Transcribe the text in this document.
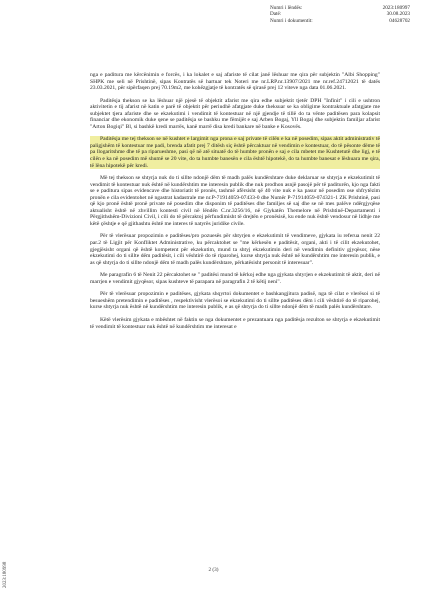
Numri i lëndës:	2023:180997
Datë:	30.08.2023
Numri i dokumentit:	04628702

nga e paditura me kërcënimin e forcës, i ka lokalet e saj afariste të cilat janë lëshuar me qira për subjektin "Albi Shopping" SHPK me seli në Prishtinë, sipas Kontratës së hartuar tek Noteri me nr.LRP.nr.13907/2021 me nr.ref.24712021 të datës 23.03.2021, për sipërfaqen prej 70.19m2, me kohëzgjatje të kontratës së qirasë prej 12 viteve nga data 01.06.2021.

Paditësja thekson se ka lëshuar një pjesë të objektit afarist me qira edhe subjektit tjetër DPH "Infinit" i cili e ushtron aktivitetin e tij afarist në katin e parë të objektit për periudhë afatgjate duke theksuar se ka obligime kontraktuale afatgjate me subjektet tjera afariste dhe se ekzekutimi i vendimit të kontestuar në një gjendje të tillë do ta vënte paditësen para kolapsit financiar dhe ekonomik duke qene se paditësja se bashku me fëmijët e saj Arben Bogaj, Yll Bogaj dhe subjektin familjar afarist "Arton Bogiqi" Bl, si bashkë kredi marrës, kanë marrë disa kredi bankare në banke e Kosovës.

Paditësja me tej thekson se në kushtet e largimit nga prona e saj private të cilën e ka në posedim, sipas aktit administrativ të paligjshëm të kontestuar me padi, brenda afatit prej 7 ditësh siç është përcaktuar në vendimin e kontestuar, do të pësonte dëme të pa llogaritshme dhe të pa riparueshme, pasi që në atë situatë do të humbte pronën e saj e cila mbetet me Kushtetutë dhe ligj, e të cilën e ka në posedim më shumë se 20 vite, do ta humbte banesën e cila është hipotekë, do ta humbte banesat e lëshuara me qira, të lëna hipotekë për kredi.

Më tej thekson se shtyrja nuk do ti sillte ndonjë dëm të madh palës kundërshtare duke deklaruar se shtyrja e ekzekutimit të vendimit të kontestuar nuk është në kundërshtim me interesin publik dhe nuk prodhon asnjë pasojë për të paditurën, kjo nga fakti se e paditura sipas evidencave dhe historiatit të pronës, tashmë afërsisht që 40 vite nuk e ka pasur në posedim ose shfrytëzim pronën e cila evidentohet në ngastrat kadastrale me nr.P-71914059-07433-0 dhe Numër P-71914059-074321-1 ZK Prishtinë, pasi që kjo pronë është pronë private në posedim dhe disponim të paditëses dhe familjes së saj dhe se në mes palëve ndërgjyqëse aktualisht është në zhvillim kontesti civil në lëndën C.nr.3256/16, në Gjykatën Themelore në Prishtinë-Departamenti i Përgjithshëm-Divizioni Civil, i cili do të përcaktoj përfundimisht të drejtën e pronësisë, ku ende nuk është vendosur në lidhje me këtë çështje e që gjithashtu është me interes të natyrës juridike civile.

Për të vlerësuar propozimin e paditëses/pro pozuesës për shtyrjen e ekzekutimit të vendimeve, gjykata iu referua nenit 22 par.2 të Ligjit për Konfliktet Administrative, ku përcaktohet se "me kërkesën e paditësit, organi, akti i të cilit ekzekutohet, gjegjësisht organi që është kompetent për ekzekutim, mund ta shtyj ekzekutimin deri në vendimin definitiv gjyqësor, nëse ekzekutimi do ti sillte dëm paditësit, i cili vështirë do të riparohej, kurse shtyrja nuk është në kundërshtim me interesin publik, e as që shtyrja do ti sillte ndonjë dëm të madh palës kundërshtare, përkatësisht personit të interesuar".

Me paragrafin 6 të Nenit 22 përcaktohet se " paditësi mund të kërkoj edhe nga gjykata shtyrjen e ekzekutimit të aktit, deri në marrjen e vendimit gjyqësor, sipas kushteve të parapara në paragrafin 2 të këtij neni".

Për të vlerësuar propozimin e paditëses, gjykata shqyrtoi dokumentet e bashkangjitura padisë, nga të cilat e vlerësoi si të besueshëm pretendimin e paditëses , respektivisht vlerësoi se ekzekutimi do ti sillte paditëses dëm i cili vështirë do të riparohej, kurse shtyrja nuk është në kundërshtim me interesin publik, e as që shtyrja do ti sillte ndonjë dëm të madh palës kundërshtare.

Këtë vlerësim gjykata e mbështet në faktin se nga dokumentet e prezantuara nga paditësja rezulton se shtyrja e ekzekutimit të vendimit të kontestuar nuk është në kundërshtim me interesat e

2023:180998	2 (3)
